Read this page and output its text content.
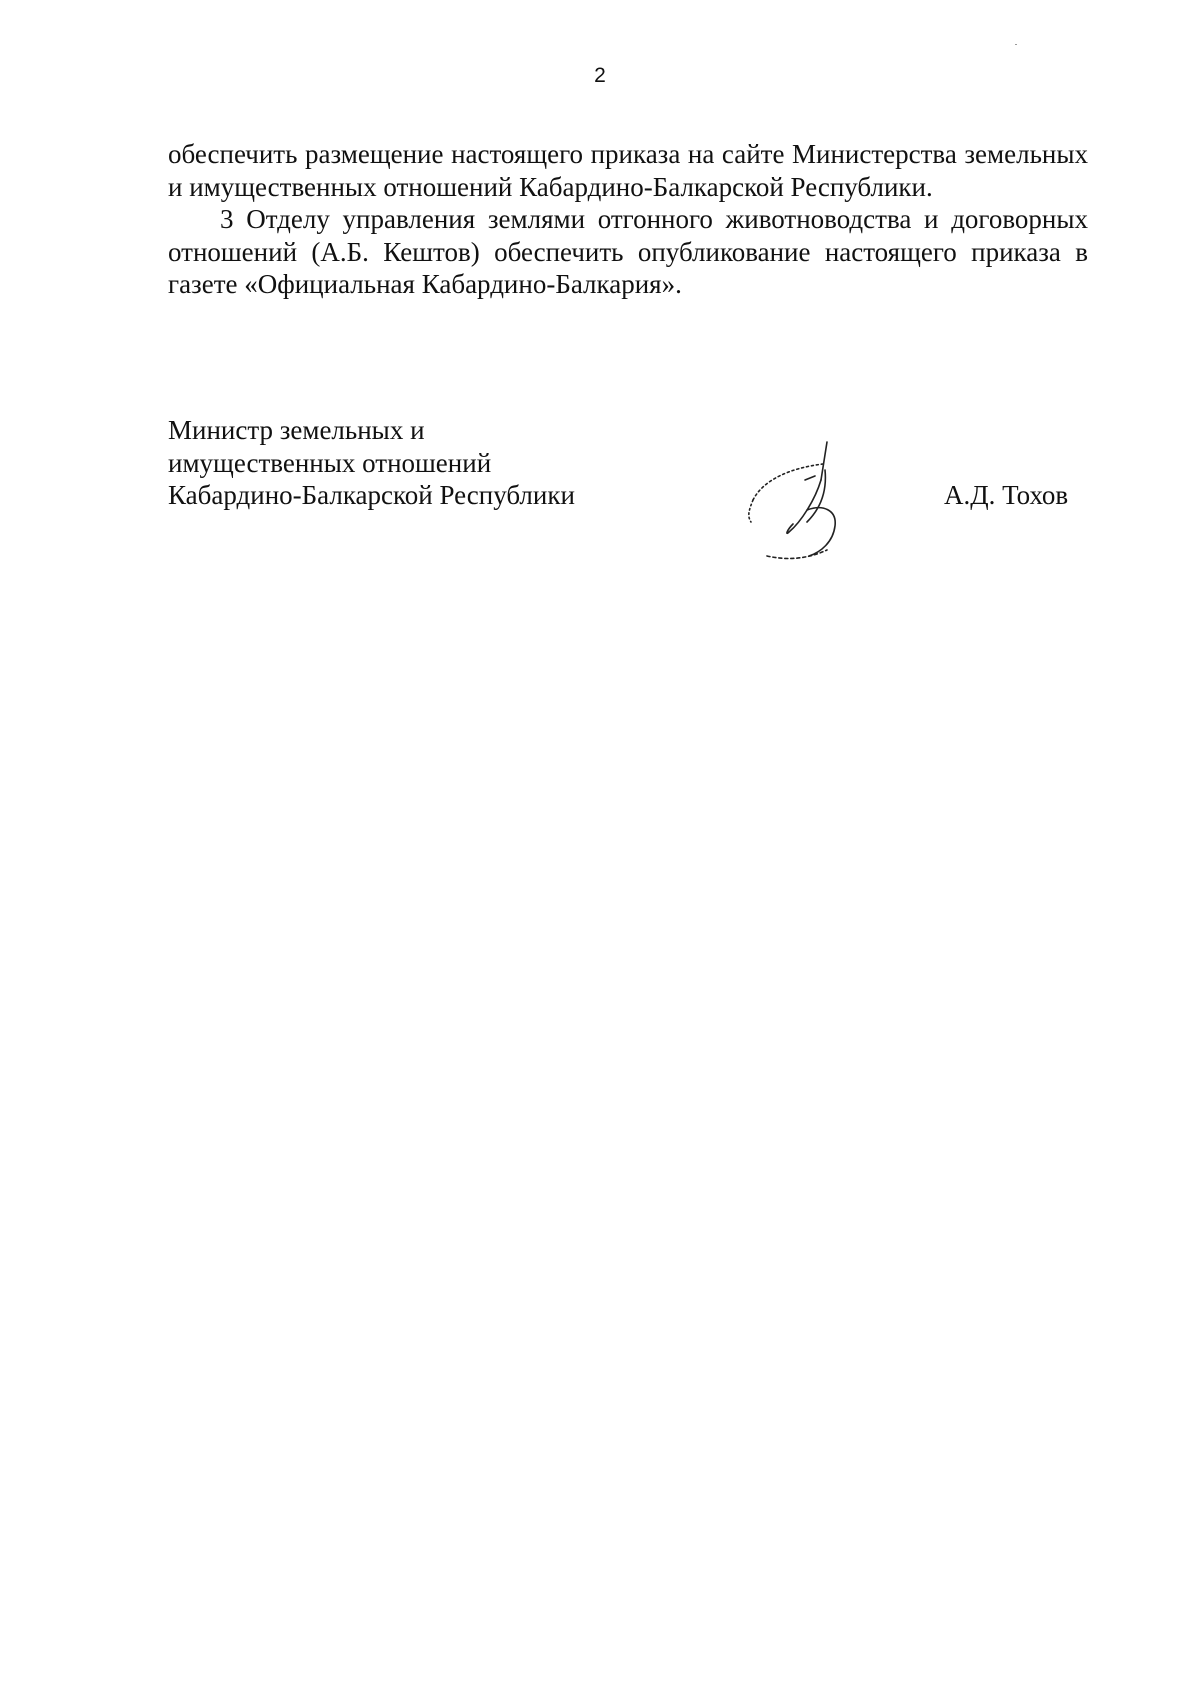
2

обеспечить размещение настоящего приказа на сайте Министерства земельных и имущественных отношений Кабардино-Балкарской Республики.

3 Отделу управления землями отгонного животноводства и договорных отношений (А.Б. Кештов) обеспечить опубликование настоящего приказа в газете «Официальная Кабардино-Балкария».

Министр земельных и
имущественных отношений
Кабардино-Балкарской Республики	А.Д. Тохов
